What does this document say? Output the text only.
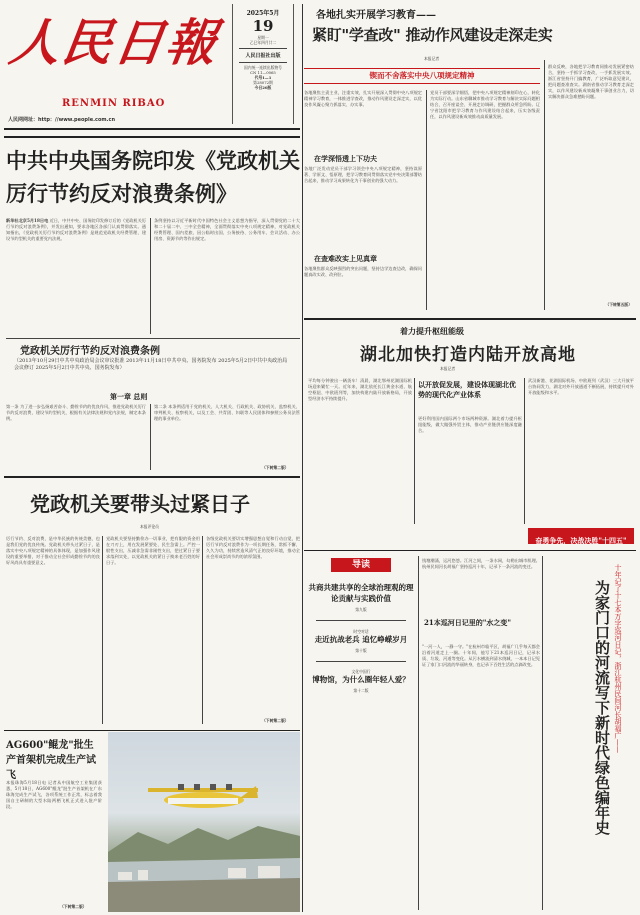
人民日報
RENMIN RIBAO
人民网网址：http：//www.people.com.cn
2025年5月
19
星期一
乙巳年四月廿二
人民日报社出版
国内统一连续出版物号
CN 11—0065
代号1—1
第28072期
今日20版
各地扎实开展学习教育——
紧盯"学查改" 推动作风建设走深走实
本报记者
锲而不舍落实中央八项规定精神
各地聚焦主责主业，注重实效，扎实开展深入贯彻中央八项规定精神学习教育，一体推进学查改，推动作风建设走深走实，以优良作风凝心聚力抓落实、办实事。
在学深悟透上下功夫
各地广泛发动党员干部学习领会中央八项规定精神，坚持读原著、学原文、悟原理，把学习教育同贯彻落实党中央决策部署结合起来，推动学习成果转化为干事创业的强大动力。
在查难改实上见真章
各地聚焦群众反映强烈的突出问题，坚持边学边查边改，确保问题真改实改、改到位。
党员干部要深学细悟，把中央八项规定精神刻印在心，转化为实际行动。山东省聊城市推动学习教育与解决实际问题相结合，召开座谈会、开展走访调研，把握群众所急所盼。辽宁省沈阳市把学习教育与作风建设结合起来，压实各级责任，以作风建设新成效推动高质量发展。
群众反映，各地把学习教育同推动发展紧密结合，坚持一手抓学习查改，一手抓发展实效。浙江省坚持开门搞教育，广泛听取意见建议，把问题查准查实。湖南省推动学习教育走深走实，以作风建设新成效凝聚干事创业合力，切实解决群众急难愁盼问题。
（下转第五版）
中共中央国务院印发《党政机关厉行节约反对浪费条例》
新华社北京5月18日电 近日，中共中央、国务院印发修订后的《党政机关厉行节约反对浪费条例》，并发出通知，要求各地区各部门认真贯彻落实。通知指出，《党政机关厉行节约反对浪费条例》是规范党政机关经费管理、建设节约型机关的重要党内法规。
条例坚持以习近平新时代中国特色社会主义思想为指导，深入贯彻党的二十大和二十届二中、三中全会精神，全面贯彻落实中央八项规定精神，对党政机关经费管理、国内差旅、因公临时出国、公务接待、公务用车、会议活动、办公用房、资源节约等作出规定。
党政机关厉行节约反对浪费条例
（2013年10月29日中共中央政治局会议审议批准 2013年11月18日中共中央、国务院发布 2025年5月2日中共中央政治局会议修订 2025年5月2日中共中央、国务院发布）
第一章 总则
第一条 为了进一步弘扬艰苦奋斗、勤俭节约的优良作风，推进党政机关厉行节约反对浪费，建设节约型机关，根据有关法律法规和党内法规，制定本条例。
第二条 本条例适用于党的机关、人大机关、行政机关、政协机关、监察机关、审判机关、检察机关，以及工会、共青团、妇联等人民团体和参照公务员法管理的事业单位。
（下转第二版）
党政机关要带头过紧日子
本报评论员
厉行节约、反对浪费，是中华民族的传统美德，也是我们党的优良传统。党政机关带头过紧日子，是落实中央八项规定精神的具体体现，是加强作风建设的重要举措，对于推动全社会形成勤俭节约的良好风尚具有重要意义。
党政机关要坚持勤俭办一切事业，把有限的资金用在刀刃上，用在发展紧要处、民生急需上。严控一般性支出，压减非急需非刚性支出，把过紧日子要求落到实处，以党政机关的紧日子换来老百姓的好日子。
各级党政机关要切实增强思想自觉和行动自觉，把厉行节约反对浪费作为一项长期任务，常抓不懈、久久为功，持续营造风清气正的良好环境，推动全社会形成崇尚节约的浓厚氛围。
（下转第二版）
AG600"鲲龙"批生产首架机完成生产试飞
本报珠海5月18日电 记者从中国航空工业集团获悉，5月18日，AG600"鲲龙"批生产首架机在广东珠海完成生产试飞，各项系统工作正常，标志着我国自主研制的大型水陆两栖飞机正式进入批产阶段。
（下转第二版）
着力提升枢纽能级
湖北加快打造内陆开放高地
本报记者
平均每分钟驶出一辆货车！清晨，湖北鄂州花湖国际机场迎来繁忙一天。近年来，湖北依托长江黄金水道、航空枢纽、中欧班列等，加快构建内陆开放新格局，开放型经济水平持续提升。
以开放促发展，建设体现湖北优势的现代化产业体系
更好利用国内国际两个市场两种资源。湖北着力提升枢纽能级，做大做强外贸主体，推动产业链供应链深度融合。
武汉新港、花湖国际机场、中欧班列（武汉）三大开放平台协同发力，湖北对外开放通道不断拓展，持续提升对外开放能级和水平。
奋勇争先，决战决胜"十四五"
导读
共商共建共享的全球治理观的理论贡献与实践价值
第九版
时空对话
走近抗战老兵 追忆峥嵘岁月
第十版
文化中国行
博物馆，为什么圈年轻人爱？
第十二版
钱塘潮涌，运河悠悠。江河之间，一条水网，勾勒出城市肌理。杭州民间河长胡福广坚持巡河十年，记录下一条河流的变迁。
21本巡河日记里的"水之变"
"一河一人，一静一守。"在杭州市临平区，胡福广几乎每天都会沿着河道走上一圈。十年间，他写下21本巡河日记，记录水质、垃圾、河道等变化。从污水横流到清水绕城，一本本日记见证了家门口河流的华丽转身，也记录下百姓生活的点滴改变。	十年记了十七本万字巡河日记，浙江杭州民间河长胡福广——
为家门口的河流写下新时代绿色编年史
